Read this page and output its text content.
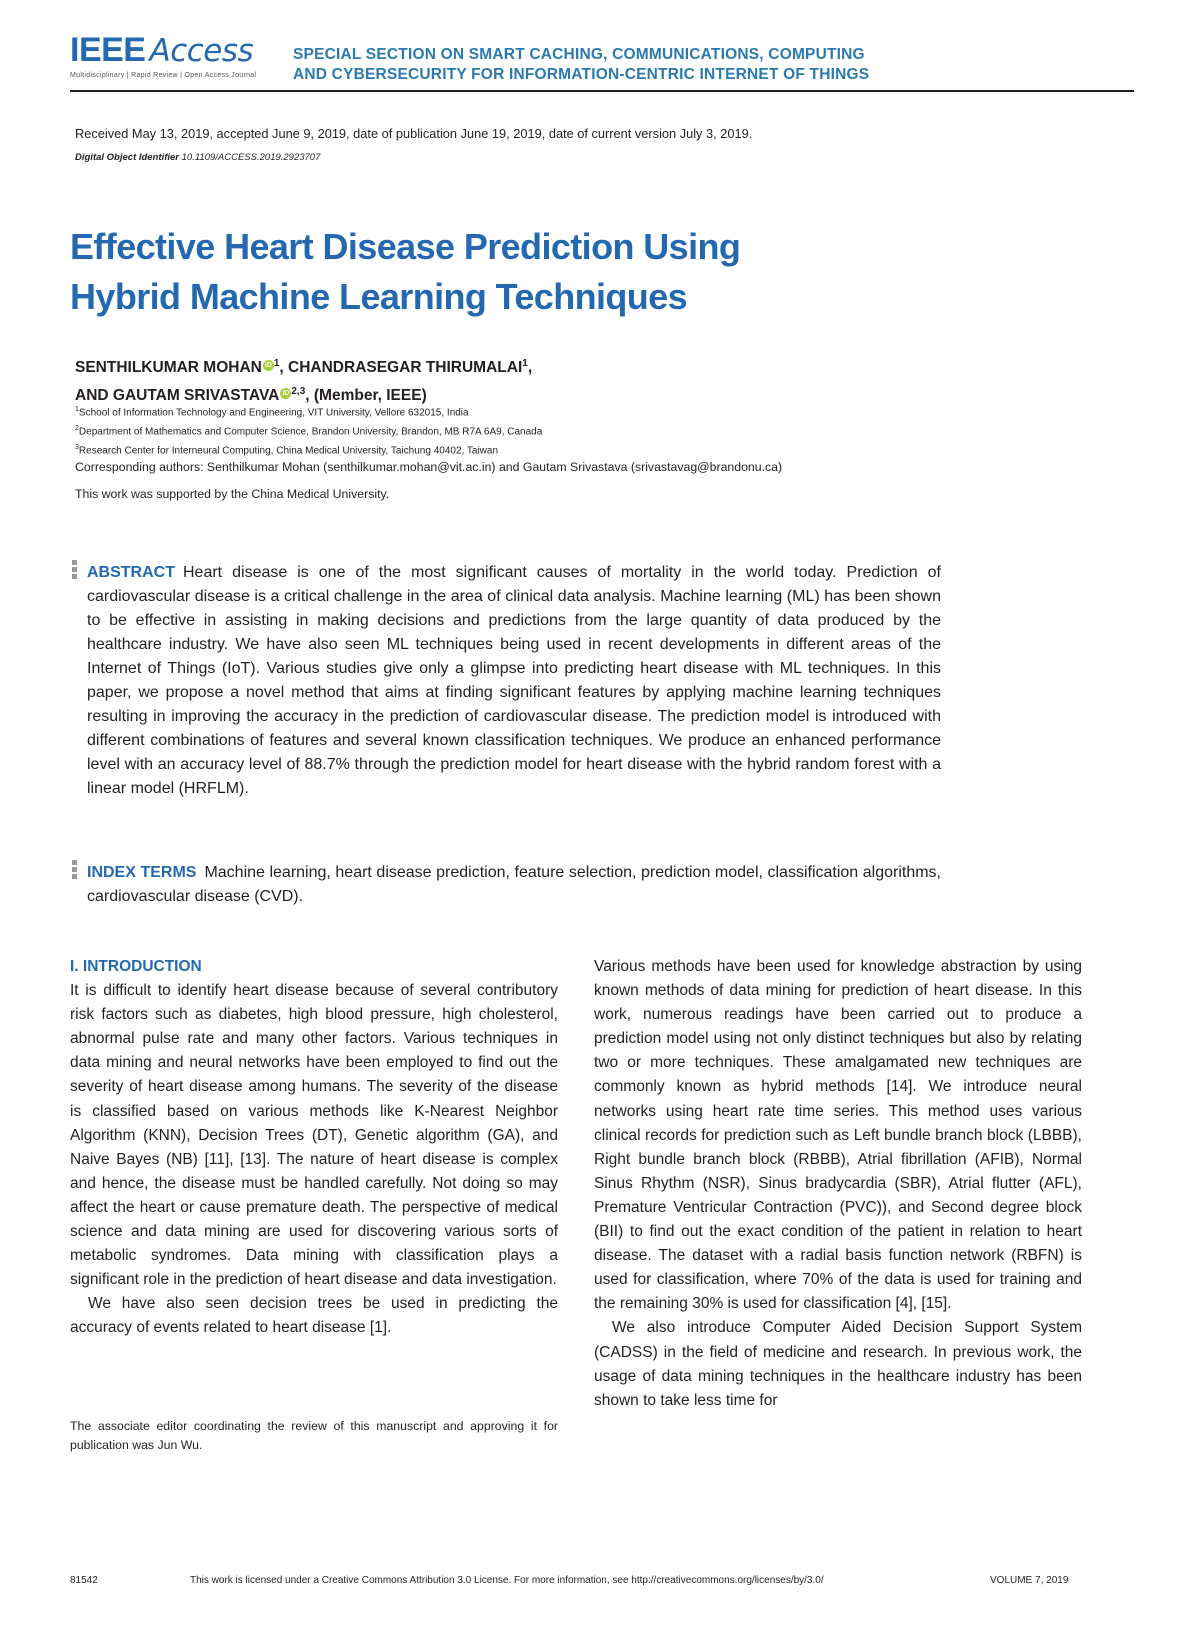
IEEE Access
Multidisciplinary | Rapid Review | Open Access Journal
SPECIAL SECTION ON SMART CACHING, COMMUNICATIONS, COMPUTING
AND CYBERSECURITY FOR INFORMATION-CENTRIC INTERNET OF THINGS
Received May 13, 2019, accepted June 9, 2019, date of publication June 19, 2019, date of current version July 3, 2019.
Digital Object Identifier 10.1109/ACCESS.2019.2923707
Effective Heart Disease Prediction Using
Hybrid Machine Learning Techniques
SENTHILKUMAR MOHAN iD $^1$, CHANDRASEGAR THIRUMALAI$^1$,
AND GAUTAM SRIVASTAVA iD $^{2,3}$, (Member, IEEE)
$^1$School of Information Technology and Engineering, VIT University, Vellore 632015, India
$^2$Department of Mathematics and Computer Science, Brandon University, Brandon, MB R7A 6A9, Canada
$^3$Research Center for Interneural Computing, China Medical University, Taichung 40402, Taiwan
Corresponding authors: Senthilkumar Mohan (senthilkumar.mohan@vit.ac.in) and Gautam Srivastava (srivastavag@brandonu.ca)
This work was supported by the China Medical University.
ABSTRACT Heart disease is one of the most significant causes of mortality in the world today. Prediction of cardiovascular disease is a critical challenge in the area of clinical data analysis. Machine learning (ML) has been shown to be effective in assisting in making decisions and predictions from the large quantity of data produced by the healthcare industry. We have also seen ML techniques being used in recent developments in different areas of the Internet of Things (IoT). Various studies give only a glimpse into predicting heart disease with ML techniques. In this paper, we propose a novel method that aims at finding significant features by applying machine learning techniques resulting in improving the accuracy in the prediction of cardiovascular disease. The prediction model is introduced with different combinations of features and several known classification techniques. We produce an enhanced performance level with an accuracy level of 88.7% through the prediction model for heart disease with the hybrid random forest with a linear model (HRFLM).
INDEX TERMS Machine learning, heart disease prediction, feature selection, prediction model, classification algorithms, cardiovascular disease (CVD).
I. INTRODUCTION

It is difficult to identify heart disease because of several contributory risk factors such as diabetes, high blood pressure, high cholesterol, abnormal pulse rate and many other factors. Various techniques in data mining and neural networks have been employed to find out the severity of heart disease among humans. The severity of the disease is classified based on various methods like K-Nearest Neighbor Algorithm (KNN), Decision Trees (DT), Genetic algorithm (GA), and Naive Bayes (NB) [11], [13]. The nature of heart disease is complex and hence, the disease must be handled carefully. Not doing so may affect the heart or cause premature death. The perspective of medical science and data mining are used for discovering various sorts of metabolic syndromes. Data mining with classification plays a significant role in the prediction of heart disease and data investigation.

We have also seen decision trees be used in predicting the accuracy of events related to heart disease [1].

Various methods have been used for knowledge abstraction by using known methods of data mining for prediction of heart disease. In this work, numerous readings have been carried out to produce a prediction model using not only distinct techniques but also by relating two or more techniques. These amalgamated new techniques are commonly known as hybrid methods [14]. We introduce neural networks using heart rate time series. This method uses various clinical records for prediction such as Left bundle branch block (LBBB), Right bundle branch block (RBBB), Atrial fibrillation (AFIB), Normal Sinus Rhythm (NSR), Sinus bradycardia (SBR), Atrial flutter (AFL), Premature Ventricular Contraction (PVC)), and Second degree block (BII) to find out the exact condition of the patient in relation to heart disease. The dataset with a radial basis function network (RBFN) is used for classification, where 70% of the data is used for training and the remaining 30% is used for classification [4], [15].

We also introduce Computer Aided Decision Support System (CADSS) in the field of medicine and research. In previous work, the usage of data mining techniques in the healthcare industry has been shown to take less time for

The associate editor coordinating the review of this manuscript and approving it for publication was Jun Wu.
81542	This work is licensed under a Creative Commons Attribution 3.0 License. For more information, see http://creativecommons.org/licenses/by/3.0/	VOLUME 7, 2019
